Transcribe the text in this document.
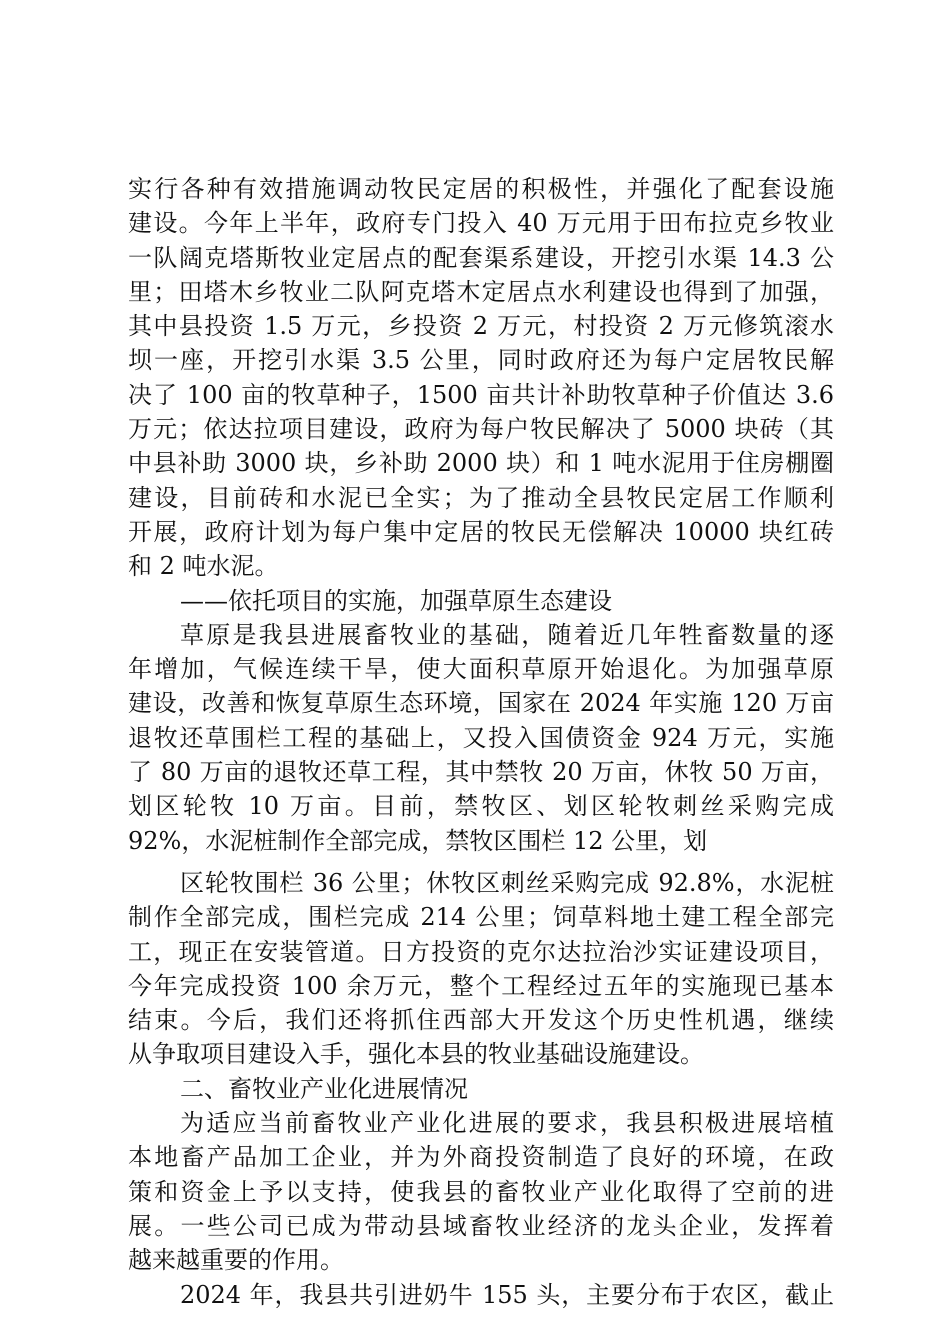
实行各种有效措施调动牧民定居的积极性，并强化了配套设施
建设。今年上半年，政府专门投入 40 万元用于田布拉克乡牧业
一队阔克塔斯牧业定居点的配套渠系建设，开挖引水渠 14.3 公
里；田塔木乡牧业二队阿克塔木定居点水利建设也得到了加强，
其中县投资 1.5 万元，乡投资 2 万元，村投资 2 万元修筑滚水
坝一座，开挖引水渠 3.5 公里，同时政府还为每户定居牧民解
决了 100 亩的牧草种子，1500 亩共计补助牧草种子价值达 3.6
万元；依达拉项目建设，政府为每户牧民解决了 5000 块砖（其
中县补助 3000 块，乡补助 2000 块）和 1 吨水泥用于住房棚圈
建设，目前砖和水泥已全实；为了推动全县牧民定居工作顺利
开展，政府计划为每户集中定居的牧民无偿解决 10000 块红砖
和 2 吨水泥。
——依托项目的实施，加强草原生态建设
草原是我县进展畜牧业的基础，随着近几年牲畜数量的逐
年增加，气候连续干旱，使大面积草原开始退化。为加强草原
建设，改善和恢复草原生态环境，国家在 2024 年实施 120 万亩
退牧还草围栏工程的基础上，又投入国债资金 924 万元，实施
了 80 万亩的退牧还草工程，其中禁牧 20 万亩，休牧 50 万亩，
划区轮牧 10 万亩。目前，禁牧区、划区轮牧刺丝采购完成
92%，水泥桩制作全部完成，禁牧区围栏 12 公里，划
区轮牧围栏 36 公里；休牧区刺丝采购完成 92.8%，水泥桩
制作全部完成，围栏完成 214 公里；饲草料地土建工程全部完
工，现正在安装管道。日方投资的克尔达拉治沙实证建设项目，
今年完成投资 100 余万元，整个工程经过五年的实施现已基本
结束。今后，我们还将抓住西部大开发这个历史性机遇，继续
从争取项目建设入手，强化本县的牧业基础设施建设。
二、畜牧业产业化进展情况
为适应当前畜牧业产业化进展的要求，我县积极进展培植
本地畜产品加工企业，并为外商投资制造了良好的环境，在政
策和资金上予以支持，使我县的畜牧业产业化取得了空前的进
展。一些公司已成为带动县域畜牧业经济的龙头企业，发挥着
越来越重要的作用。
2024 年，我县共引进奶牛 155 头，主要分布于农区，截止
